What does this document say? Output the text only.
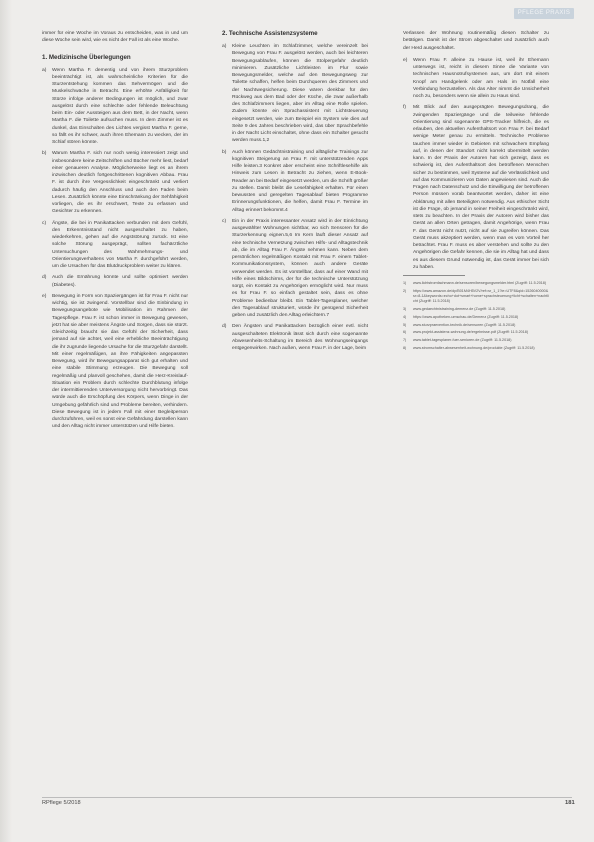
PFLEGE PRAXIS

immer für eine Woche im Voraus zu entscheiden, was in und um diese Woche sein wird, wie es nicht der Fall ist als eine Woche.

1. Medizinische Überlegungen

a)	Wenn Martha F. dementig und von ihrem Sturzproblem beeinträchtigt ist, als wahrscheinliche Kriterien für die Sturzentstehung kommen das Sehvermögen und die Muskelschwäche in Betracht. Eine erhöhte Anfälligkeit für Stürze infolge anderer Bedingungen ist möglich, und zwar ausgelöst durch eine schlechte oder fehlende Beleuchtung beim Ein- oder Aussteigen aus dem Bett, in der Nacht, wenn Martha F. die Toilette aufsuchen muss. In dem Zimmer ist es dunkel, das Einschalten des Lichtes vergisst Martha F. gerne, so fällt es ihr schwer, auch ihren Ehemann zu wecken, der im Schlaf stören könnte.
b)	Warum Martha F. sich nur noch wenig interessiert zeigt und insbesondere keine Zeitschriften und Bücher mehr liest, bedarf einer genaueren Analyse. Möglicherweise liegt es an ihrem inzwischen deutlich fortgeschrittenen kognitiven Abbau. Frau F. ist durch ihre Vergesslichkeit eingeschränkt und verliert dadurch häufig den Anschluss und auch den Faden beim Lesen. Zusätzlich könnte eine Einschränkung der Sehfähigkeit vorliegen, die es ihr erschwert, Texte zu erfassen und Gesichter zu erkennen.
c)	Ängste, die bei in Panikattacken verbunden mit dem Gefühl, den Erkenntnisstand nicht ausgeschaltet zu haben, wiederkehren, gehen auf die Angststörung zurück. Ist eine solche Störung ausgeprägt, sollten fachärztliche Untersuchungen des Wahrnehmungs- und Orientierungsverhaltens von Martha F. durchgeführt werden, um die Ursachen für das Blutdruckproblem weiter zu klären.
d)	Auch die Ernährung könnte und sollte optimiert werden (Diabetes).
e)	Bewegung in Form von Spaziergängen ist für Frau F. nicht nur wichtig, sie ist zwingend. Vorstellbar sind die Einbindung in Bewegungsangebote wie Mobilisation im Rahmen der Tagespflege. Frau F. ist schon immer in Bewegung gewesen, jetzt hat sie aber meistens Ängste und Sorgen, dass sie stürzt. Gleichzeitig braucht sie das Gefühl der Sicherheit, dass jemand auf sie achtet, weil eine erhebliche Beeinträchtigung die ihr zugrunde liegende Ursache für die Sturzgefahr darstellt. Mit einer regelmäßigen, an ihre Fähigkeiten angepassten Bewegung, wird ihr Bewegungsapparat sich gut erhalten und eine stabile Stimmung erzeugen. Die Bewegung soll regelmäßig und planvoll geschehen, damit die Herz-Kreislauf-Situation ein Problem durch schlechte Durchblutung infolge der intermittierenden Unterversorgung nicht hervorbringt. Das würde auch die Erschöpfung des Körpers, wenn Dinge in der Umgebung gefährlich sind und Probleme bereiten, verhindern. Diese Bewegung ist in jedem Fall mit einer Begleitperson durchzuführen, weil es sonst eine Gefährdung darstellen kann und den Alltag nicht immer unterstützen und Hilfe bieten.

2. Technische Assistenzsysteme

a)	Kleine Leuchten im Schlafzimmer, welche vereinzelt bei Bewegung von Frau F. ausgelöst werden, auch bei leichteren Bewegungsabläufen, können die Stolpergefahr deutlich minimieren. Zusätzliche Lichtleisten im Flur sowie Bewegungsmelder, welche auf den Bewegungsweg zur Toilette schaffen, helfen beim Durchqueren des Zimmers und der Nachtwegsicherung. Diese wären denkbar für den Rückweg aus dem Bad oder der Küche, die zwar außerhalb des Schlafzimmers liegen, aber im Alltag eine Rolle spielen. Zudem könnte ein Sprachassistent mit Lichtsteuerung eingesetzt werden, wie zum Beispiel ein System wie dies auf Seite 9 des Jahres beschrieben wird, das über Sprachbefehle in der Nacht Licht einschaltet, ohne dass ein Schalter gesucht werden muss.1,2
b)	Auch können Gedächtnistraining und alltägliche Trainings zur kognitiven Steigerung an Frau F. mit unterstützenden Apps Hilfe leisten.3 Konkret aber erscheint eine Schriftlesehilfe als Hinweis zum Lesen in Betracht zu ziehen, wenn E-Book-Reader an bei Bedarf eingesetzt werden, um die Schrift größer zu stellen. Damit bleibt die Lesefähigkeit erhalten. Für einen bewussten und geregelten Tagesablauf bieten Programme Erinnerungsfunktionen, die helfen, damit Frau F. Termine im Alltag erinnert bekommt.4
c)	Ein in der Praxis interessanter Ansatz wird in der Einrichtung ausgewählter Wohnungen sichtbar, wo sich Sensoren für die Sturzerkennung eignen.5,6 Im Kern läuft dieser Ansatz auf eine technische Vernetzung zwischen Hilfs- und Alltagstechnik ab, die im Alltag Frau F. Ängste nehmen kann. Neben dem persönlichen regelmäßigen Kontakt mit Frau F. einem Tablet-Kommunikationssystem, können auch andere Geräte verwendet werden. Es ist vorstellbar, dass auf einer Wand mit Hilfe eines Bildschirms, der für die technische Unterstützung sorgt, ein Kontakt zu Angehörigen ermöglicht wird. Nur muss es für Frau F. so einfach gestaltet sein, dass es ohne Probleme bedienbar bleibt. Ein Tablet-Tagesplaner, welcher den Tagesablauf strukturiert, würde ihr genügend Sicherheit geben und zusätzlich den Alltag erleichtern.7
d)	Den Ängsten und Panikattacken bezüglich einer evtl. nicht ausgeschalteten Elektronik lässt sich durch eine sogenannte Abwesenheits-Schaltung im Bereich des Wohnungseingangs entgegenwirken. Nach außen, wenn Frau F. in der Lage, beim

Verlassen der Wohnung routinemäßig diesen Schalter zu betätigen. Damit ist der Strom abgeschaltet und zusätzlich auch der Herd ausgeschaltet.

e)	Wenn Frau F. alleine zu Hause ist, weil ihr Ehemann unterwegs ist, reicht in diesem Sinne die Variante von technischen Hausnotrufsystemen aus, um dort mit einem Knopf am Handgelenk oder am Hals im Notfall eine Verbindung herzustellen. Als das Alter nimmt die Unsicherheit noch zu, besonders wenn sie allein zu Haus sind.
f)	Mit Blick auf den ausgeprägten Bewegungsdrang, die zwingenden Spaziergänge und die teilweise fehlende Orientierung sind sogenannte GPS-Tracker hilfreich, die es erlauben, den aktuellen Aufenthaltsort von Frau F. bei Bedarf wenige Meter genau zu ermitteln. Technische Probleme tauchen immer wieder in Gebieten mit schwachem Empfang auf, in denen der Standort nicht korrekt übermittelt werden kann. In der Praxis der Autoren hat sich gezeigt, dass es schwierig ist, den Aufenthaltsort des betroffenen Menschen sicher zu bestimmen, weil Systeme auf die Verlässlichkeit und auf das Kommunizieren von Daten angewiesen sind. Auch die Fragen nach Datenschutz und die Einwilligung der betroffenen Person müssen vorab beantwortet werden, daher ist eine Abklärung mit allen Beteiligten notwendig. Aus ethischer Sicht ist die Frage, ob jemand in seiner Freiheit eingeschränkt wird, stets zu beachten. In der Praxis der Autoren wird bisher das Gerät an allen Orten getragen, damit Angehörige, wenn Frau F. das Gerät nicht nutzt, nicht auf sie zugreifen können. Das Gerät muss akzeptiert werden, wenn man es vom Vorteil her betrachtet. Frau F. muss es aber verstehen und sollte zu den Angehörigen die Gefahr kennen, die sie im Alltag hat und dass es aus diesem Grund notwendig ist, das Gerät immer bei sich zu haben.
1)	www.lichtstromfachmann.de/sensoren/bewegungsmelder.html (Zugriff: 11.5.2018)
2)	https://www.amazon.de/dp/B01M4H5V2V/ref=sr_1_1?ie=UTF8&qid=1526040000&sr=8-1&keywords=echo+dot+smart+home+sprachsteuerung+licht+schalten+nachtlicht (Zugriff: 11.5.2018)
3)	www.gedaechtnistraining-demenz.de (Zugriff: 11.5.2018)
4)	https://www.apotheken-umschau.de/Demenz (Zugriff: 11.5.2018)
5)	www.sturzpraevention-technik.de/sensoren (Zugriff: 11.5.2018)
6)	www.projekt-assistenz-wohnung.de/ergebnisse.pdf (Zugriff: 11.5.2018)
7)	www.tablet-tagesplaner-fuer-senioren.de (Zugriff: 11.5.2018)
8)	www.stromschalter-abwesenheit-wohnung.de/produkte (Zugriff: 11.5.2018)
RPflege 5/2018	181
